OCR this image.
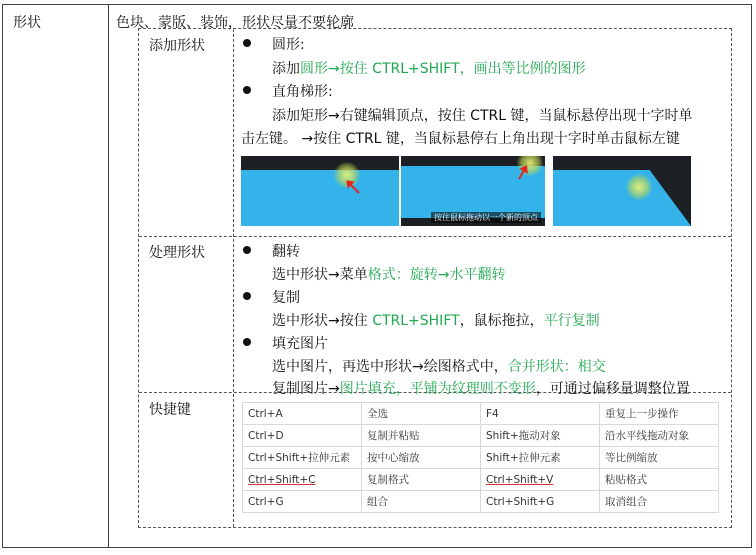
形状	色块、蒙版、装饰，形状尽量不要轮廓
添加形状	圆形:
添加圆形→按住 CTRL+SHIFT，画出等比例的图形
直角梯形:
添加矩形→右键编辑顶点，按住 CTRL 键，当鼠标悬停出现十字时单
击左键。 →按住 CTRL 键，当鼠标悬停右上角出现十字时单击鼠标左键
按住鼠标拖动以一个新的顶点
处理形状	翻转
选中形状→菜单格式：旋转→水平翻转
复制
选中形状→按住 CTRL+SHIFT，鼠标拖拉，平行复制
填充图片
选中图片，再选中形状→绘图格式中，合并形状：相交
复制图片→图片填充，平铺为纹理则不变形，可通过偏移量调整位置
快捷键	Ctrl+A	全选	F4	重复上一步操作
Ctrl+D	复制并粘贴	Shift+拖动对象	沿水平线拖动对象
Ctrl+Shift+拉伸元素	按中心缩放	Shift+拉伸元素	等比例缩放
Ctrl+Shift+C	复制格式	Ctrl+Shift+V	粘贴格式
Ctrl+G	组合	Ctrl+Shift+G	取消组合
